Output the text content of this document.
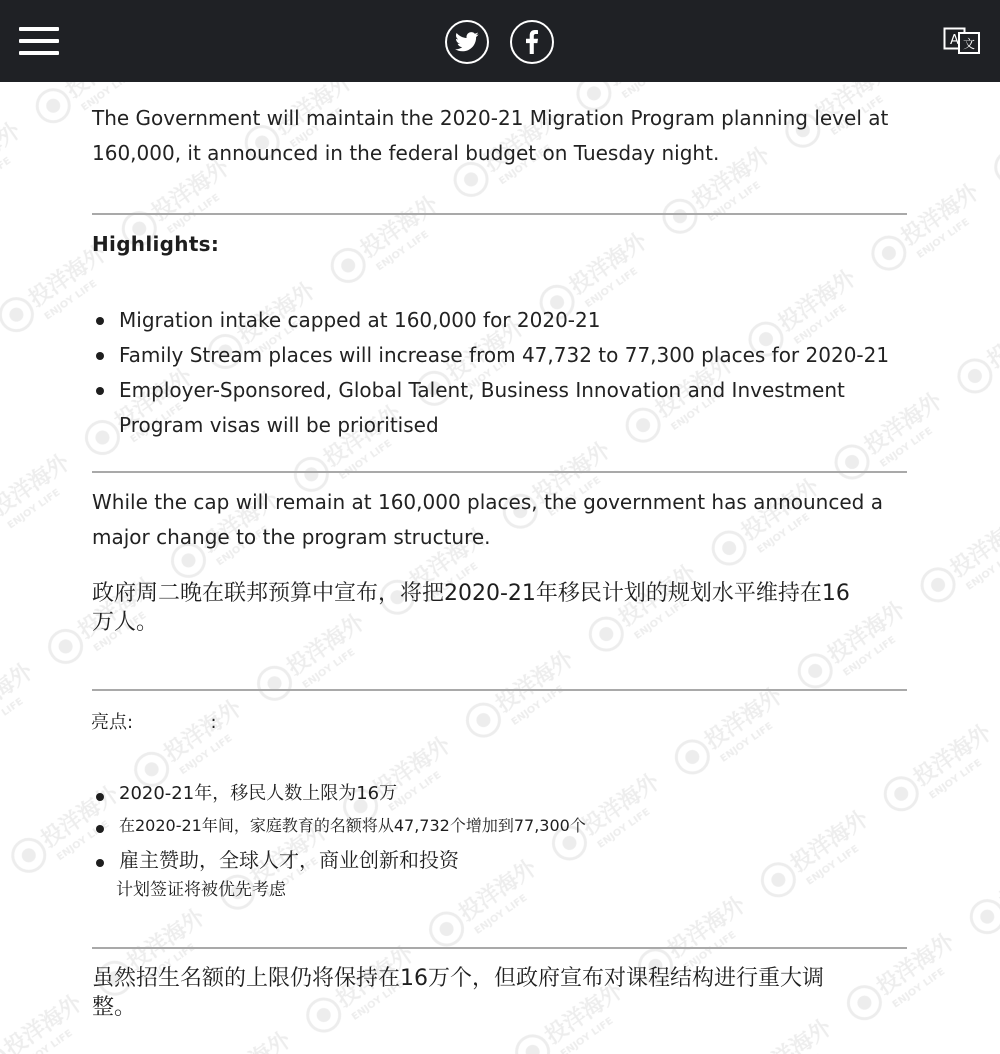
A 文

The Government will maintain the 2020-21 Migration Program planning level at 160,000, it announced in the federal budget on Tuesday night.

Highlights:

Migration intake capped at 160,000 for 2020-21
Family Stream places will increase from 47,732 to 77,300 places for 2020-21
Employer-Sponsored, Global Talent, Business Innovation and Investment Program visas will be prioritised

While the cap will remain at 160,000 places, the government has announced a major change to the program structure.

政府周二晚在联邦预算中宣布，将把2020-21年移民计划的规划水平维持在16万人。

亮点:	:

2020-21年，移民人数上限为16万
在2020-21年间，家庭教育的名额将从47,732个增加到77,300个
雇主赞助，全球人才，商业创新和投资
计划签证将被优先考虑

虽然招生名额的上限仍将保持在16万个，但政府宣布对课程结构进行重大调整。
